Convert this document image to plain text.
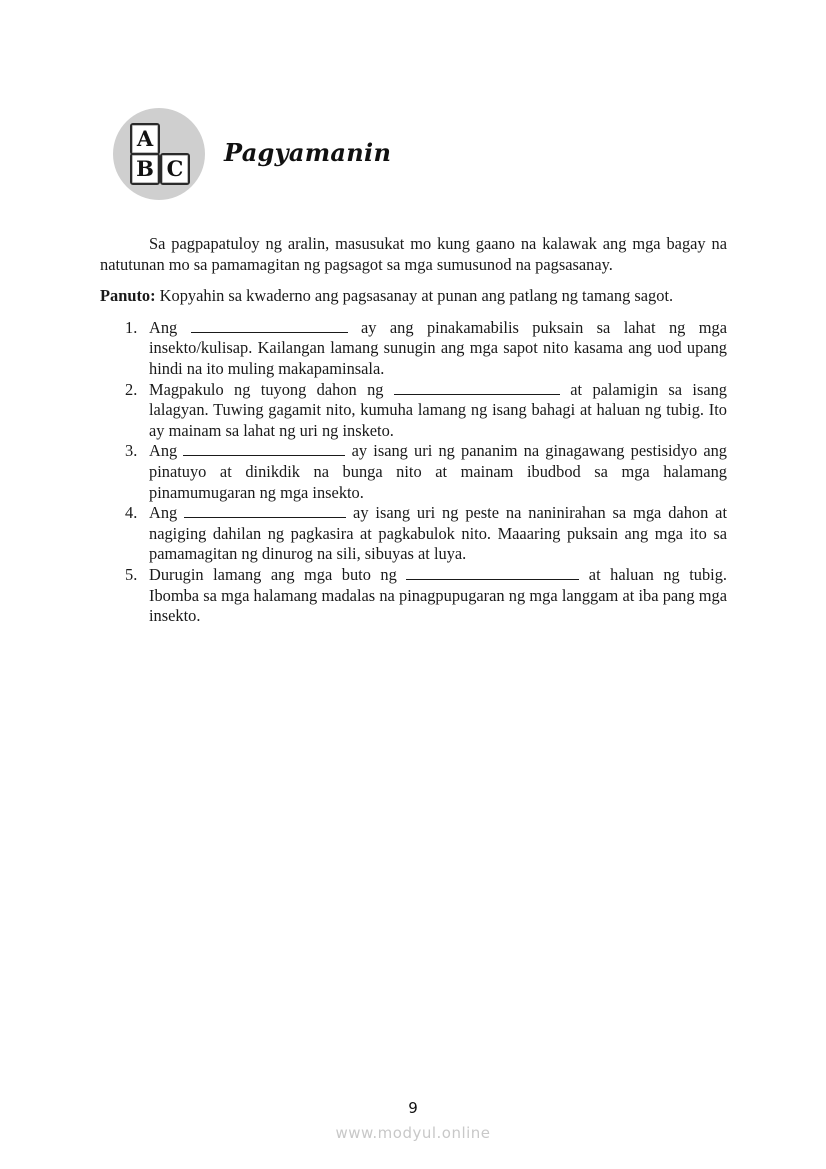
A
B C
Pagyamanin

Sa pagpapatuloy ng aralin, masusukat mo kung gaano na kalawak ang mga bagay na natutunan mo sa pamamagitan ng pagsagot sa mga sumusunod na pagsasanay.

Panuto: Kopyahin sa kwaderno ang pagsasanay at punan ang patlang ng tamang sagot.

1. Ang	ay ang pinakamabilis puksain sa lahat ng mga insekto/kulisap. Kailangan lamang sunugin ang mga sapot nito kasama ang uod upang hindi na ito muling makapaminsala.
2. Magpakulo ng tuyong dahon ng	at palamigin sa isang lalagyan. Tuwing gagamit nito, kumuha lamang ng isang bahagi at haluan ng tubig. Ito ay mainam sa lahat ng uri ng insketo.
3. Ang	ay isang uri ng pananim na ginagawang pestisidyo ang pinatuyo at dinikdik na bunga nito at mainam ibudbod sa mga halamang pinamumugaran ng mga insekto.
4. Ang	ay isang uri ng peste na naninirahan sa mga dahon at nagiging dahilan ng pagkasira at pagkabulok nito. Maaaring puksain ang mga ito sa pamamagitan ng dinurog na sili, sibuyas at luya.
5. Durugin lamang ang mga buto ng	at haluan ng tubig. Ibomba sa mga halamang madalas na pinagpupugaran ng mga langgam at iba pang mga insekto.
9
www.modyul.online
